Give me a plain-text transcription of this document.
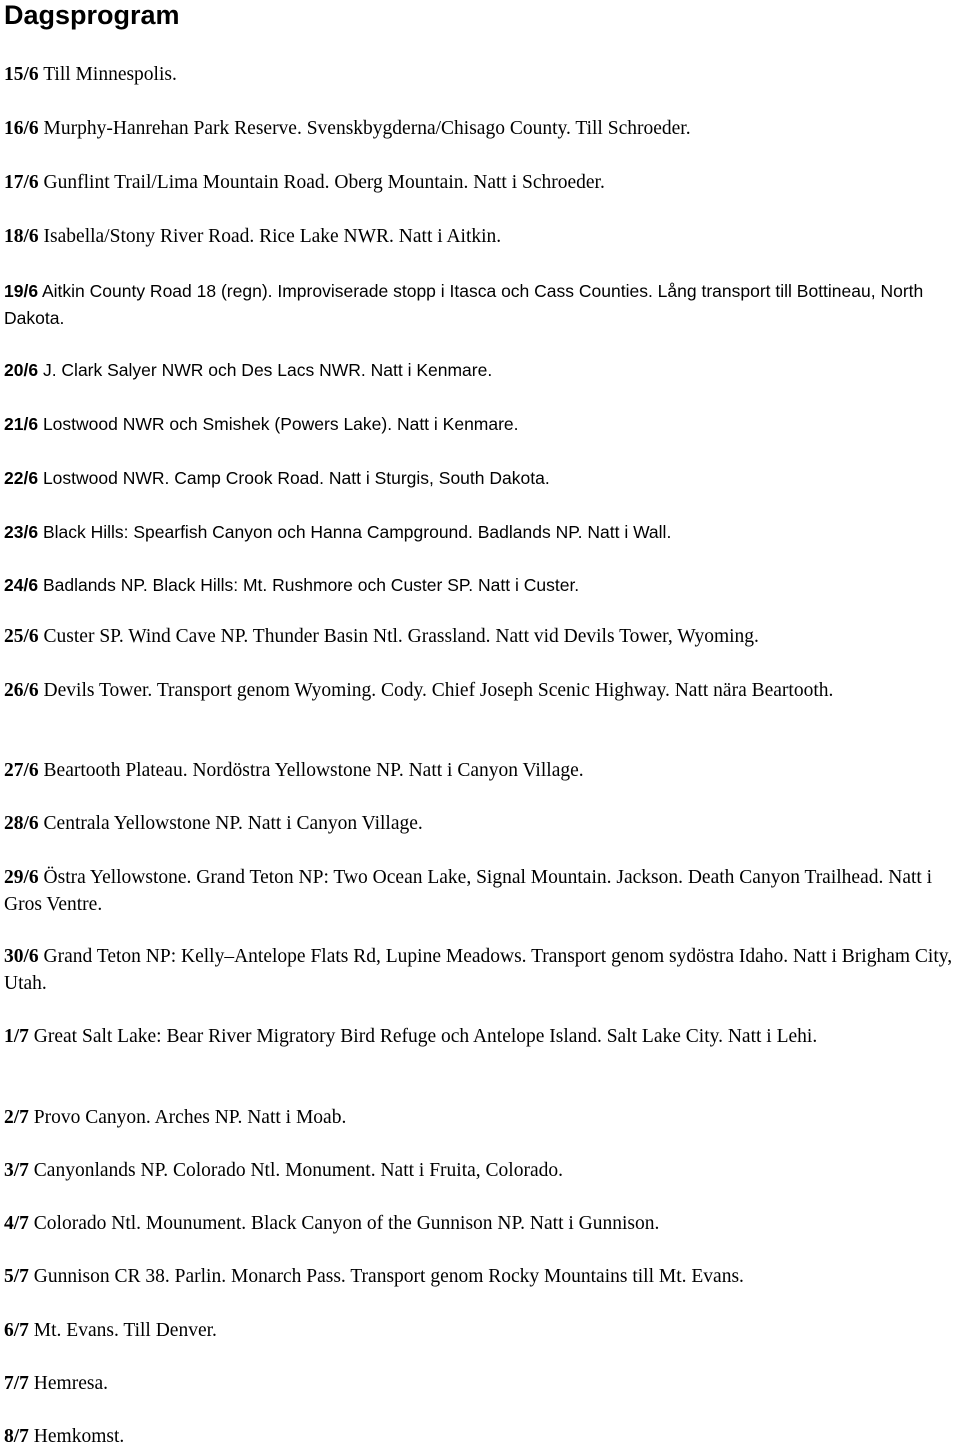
Dagsprogram

15/6 Till Minnespolis.

16/6 Murphy-Hanrehan Park Reserve. Svenskbygderna/Chisago County. Till Schroeder.

17/6 Gunflint Trail/Lima Mountain Road. Oberg Mountain. Natt i Schroeder.

18/6 Isabella/Stony River Road. Rice Lake NWR. Natt i Aitkin.

19/6 Aitkin County Road 18 (regn). Improviserade stopp i Itasca och Cass Counties. Lång transport till Bottineau, North Dakota.

20/6 J. Clark Salyer NWR och Des Lacs NWR. Natt i Kenmare.

21/6 Lostwood NWR och Smishek (Powers Lake). Natt i Kenmare.

22/6 Lostwood NWR. Camp Crook Road. Natt i Sturgis, South Dakota.

23/6 Black Hills: Spearfish Canyon och Hanna Campground. Badlands NP. Natt i Wall.

24/6 Badlands NP. Black Hills: Mt. Rushmore och Custer SP. Natt i Custer.

25/6 Custer SP. Wind Cave NP. Thunder Basin Ntl. Grassland. Natt vid Devils Tower, Wyoming.

26/6 Devils Tower. Transport genom Wyoming. Cody. Chief Joseph Scenic Highway. Natt nära Beartooth.

27/6 Beartooth Plateau. Nordöstra Yellowstone NP. Natt i Canyon Village.

28/6 Centrala Yellowstone NP. Natt i Canyon Village.

29/6 Östra Yellowstone. Grand Teton NP: Two Ocean Lake, Signal Mountain. Jackson. Death Canyon Trailhead. Natt i Gros Ventre.

30/6 Grand Teton NP: Kelly–Antelope Flats Rd, Lupine Meadows. Transport genom sydöstra Idaho. Natt i Brigham City, Utah.

1/7 Great Salt Lake: Bear River Migratory Bird Refuge och Antelope Island. Salt Lake City. Natt i Lehi.

2/7 Provo Canyon. Arches NP. Natt i Moab.

3/7 Canyonlands NP. Colorado Ntl. Monument. Natt i Fruita, Colorado.

4/7 Colorado Ntl. Mounument. Black Canyon of the Gunnison NP. Natt i Gunnison.

5/7 Gunnison CR 38. Parlin. Monarch Pass. Transport genom Rocky Mountains till Mt. Evans.

6/7 Mt. Evans. Till Denver.

7/7 Hemresa.

8/7 Hemkomst.
